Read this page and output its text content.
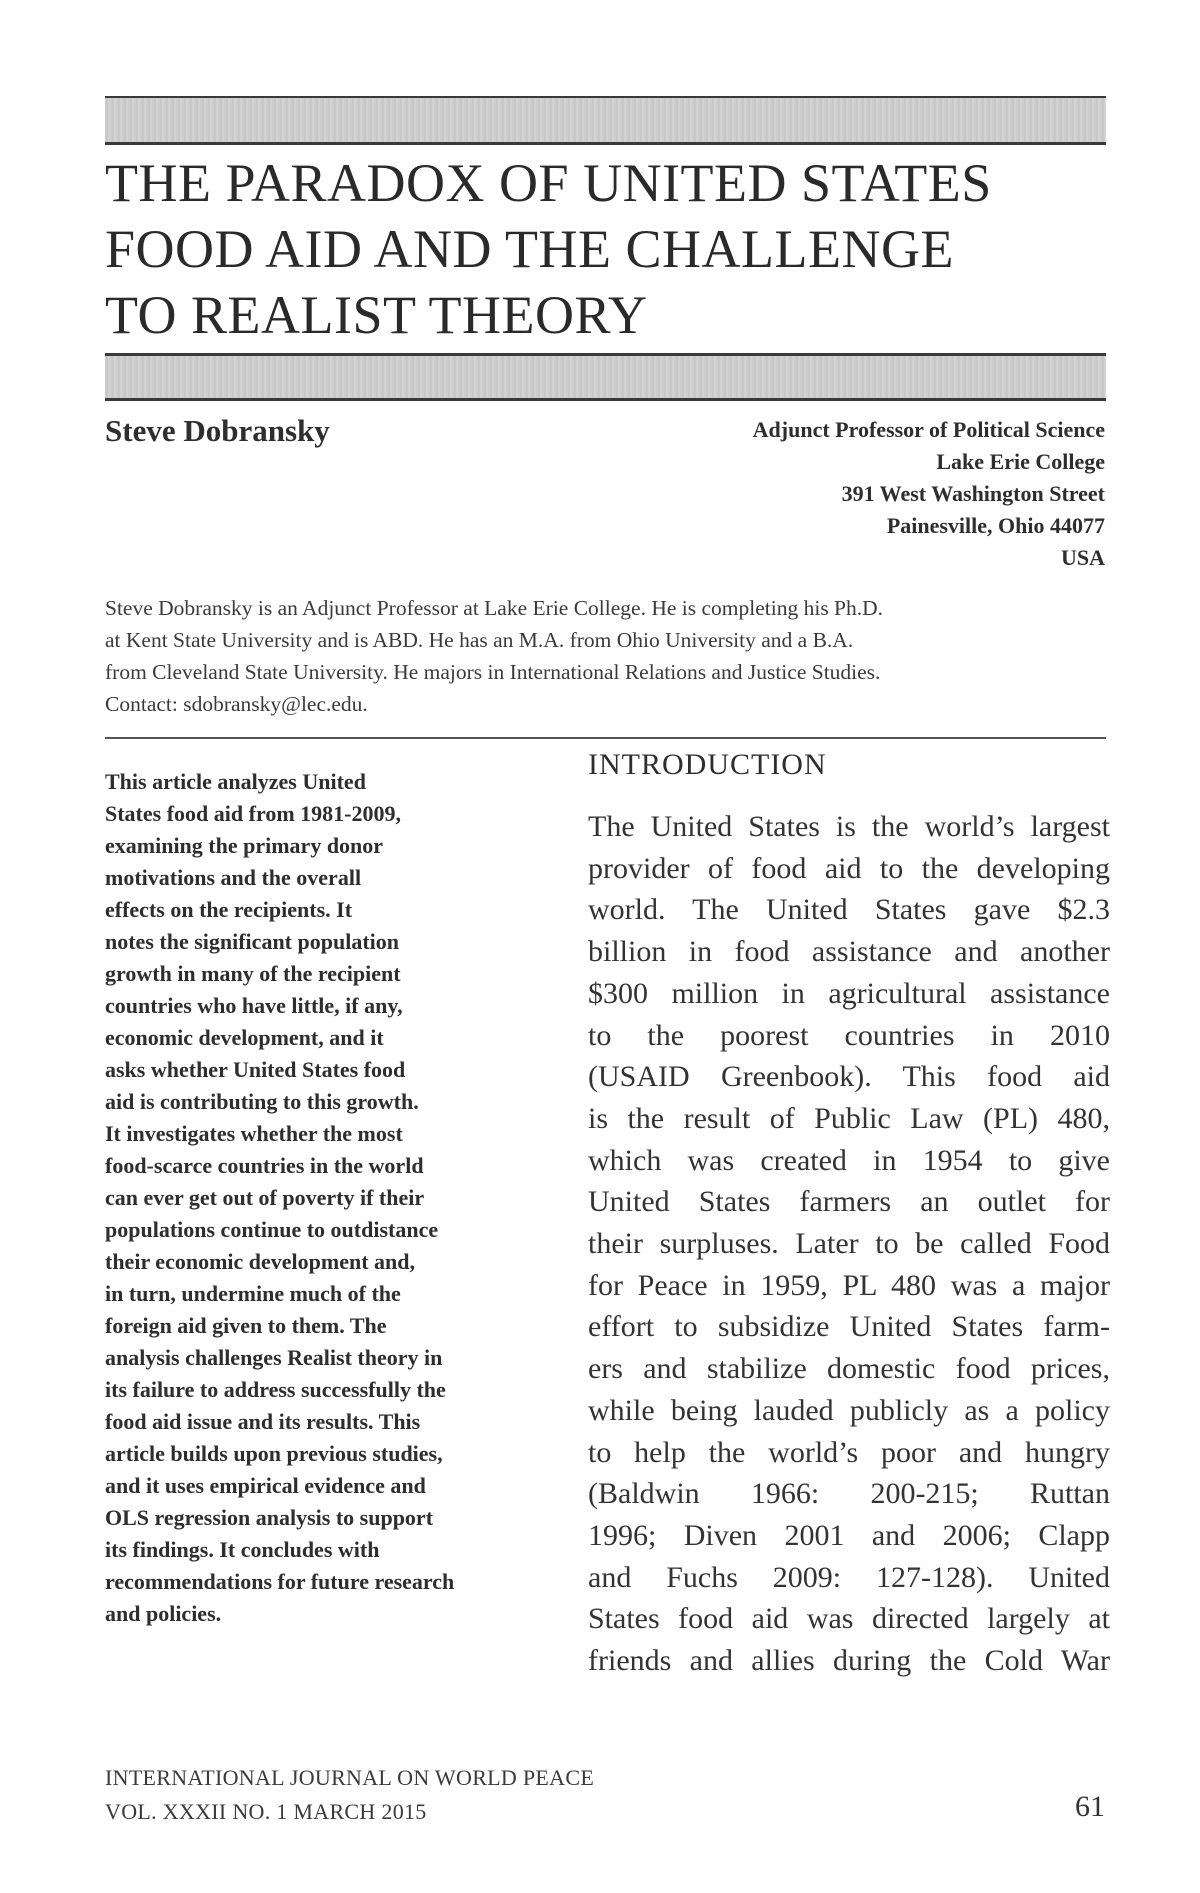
THE PARADOX OF UNITED STATES
FOOD AID AND THE CHALLENGE
TO REALIST THEORY
Steve Dobransky	Adjunct Professor of Political Science
Lake Erie College
391 West Washington Street
Painesville, Ohio 44077
USA
Steve Dobransky is an Adjunct Professor at Lake Erie College. He is completing his Ph.D.
at Kent State University and is ABD. He has an M.A. from Ohio University and a B.A.
from Cleveland State University. He majors in International Relations and Justice Studies.
Contact: sdobransky@lec.edu.
This article analyzes United
States food aid from 1981-2009,
examining the primary donor
motivations and the overall
effects on the recipients. It
notes the significant population
growth in many of the recipient
countries who have little, if any,
economic development, and it
asks whether United States food
aid is contributing to this growth.
It investigates whether the most
food-scarce countries in the world
can ever get out of poverty if their
populations continue to outdistance
their economic development and,
in turn, undermine much of the
foreign aid given to them. The
analysis challenges Realist theory in
its failure to address successfully the
food aid issue and its results. This
article builds upon previous studies,
and it uses empirical evidence and
OLS regression analysis to support
its findings. It concludes with
recommendations for future research
and policies.
INTRODUCTION
The United States is the world’s largest
provider of food aid to the developing
world. The United States gave $2.3
billion in food assistance and another
$300 million in agricultural assistance
to the poorest countries in 2010
(USAID Greenbook). This food aid
is the result of Public Law (PL) 480,
which was created in 1954 to give
United States farmers an outlet for
their surpluses. Later to be called Food
for Peace in 1959, PL 480 was a major
effort to subsidize United States farm-
ers and stabilize domestic food prices,
while being lauded publicly as a policy
to help the world’s poor and hungry
(Baldwin 1966: 200-215; Ruttan
1996; Diven 2001 and 2006; Clapp
and Fuchs 2009: 127-128). United
States food aid was directed largely at
friends and allies during the Cold War
INTERNATIONAL JOURNAL ON WORLD PEACE
VOL. XXXII NO. 1 MARCH 2015	61
